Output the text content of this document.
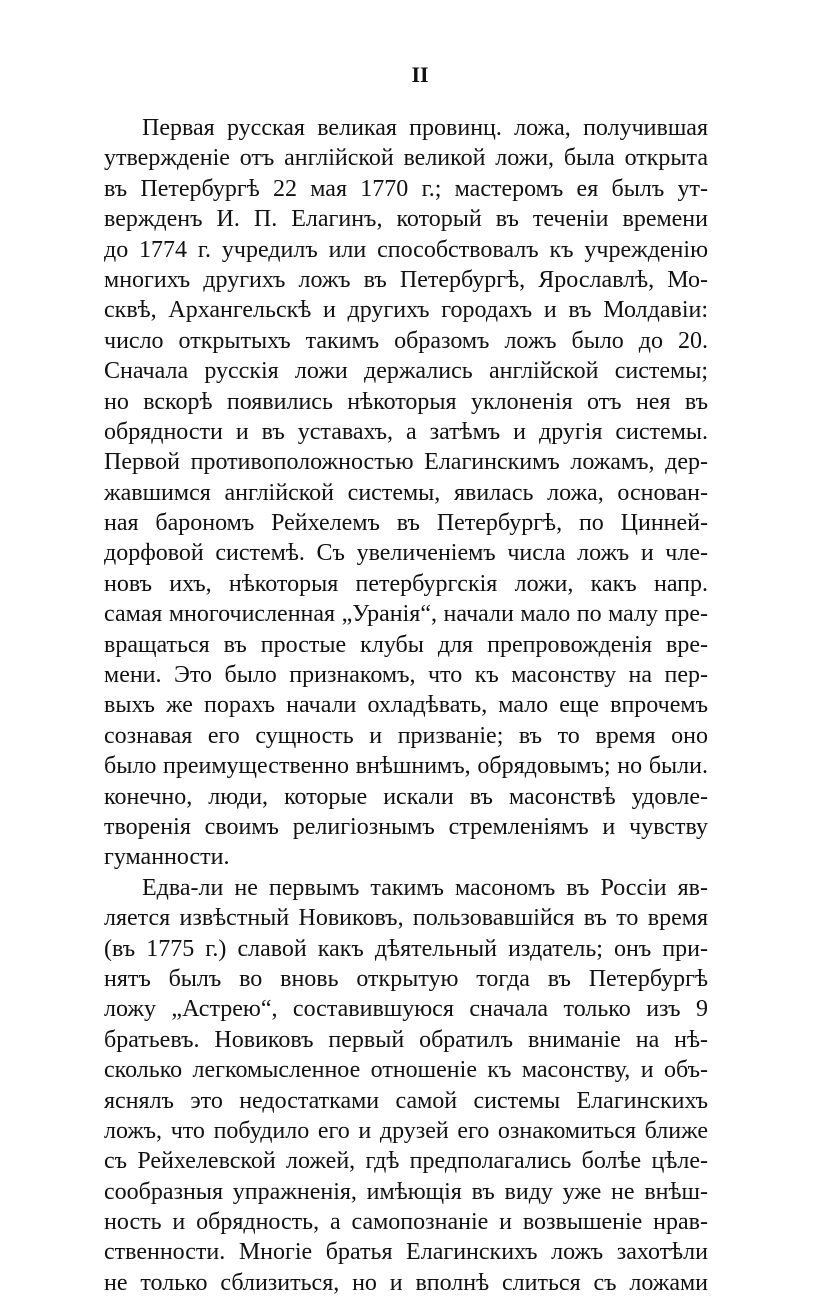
II
Первая русская великая провинц. ложа, получившая
утвержденіе отъ англійской великой ложи, была открыта
въ Петербургѣ 22 мая 1770 г.; мастеромъ ея былъ ут-
вержденъ И. П. Елагинъ, который въ теченіи времени
до 1774 г. учредилъ или способствовалъ къ учрежденію
многихъ другихъ ложъ въ Петербургѣ, Ярославлѣ, Мо-
сквѣ, Архангельскѣ и другихъ городахъ и въ Молдавіи:
число открытыхъ такимъ образомъ ложъ было до 20.
Сначала русскія ложи держались англійской системы;
но вскорѣ появились нѣкоторыя уклоненія отъ нея въ
обрядности и въ уставахъ, а затѣмъ и другія системы.
Первой противоположностью Елагинскимъ ложамъ, дер-
жавшимся англійской системы, явилась ложа, основан-
ная барономъ Рейхелемъ въ Петербургѣ, по Цинней-
дорфовой системѣ. Съ увеличеніемъ числа ложъ и чле-
новъ ихъ, нѣкоторыя петербургскія ложи, какъ напр.
самая многочисленная „Уранія“, начали мало по малу пре-
вращаться въ простые клубы для препровожденія вре-
мени. Это было признакомъ, что къ масонству на пер-
выхъ же порахъ начали охладѣвать, мало еще впрочемъ
сознавая его сущность и призваніе; въ то время оно
было преимущественно внѣшнимъ, обрядовымъ; но были.
конечно, люди, которые искали въ масонствѣ удовле-
творенія своимъ религіознымъ стремленіямъ и чувству
гуманности.
Едва-ли не первымъ такимъ масономъ въ Россіи яв-
ляется извѣстный Новиковъ, пользовавшійся въ то время
(въ 1775 г.) славой какъ дѣятельный издатель; онъ при-
нятъ былъ во вновь открытую тогда въ Петербургѣ
ложу „Астрею“, составившуюся сначала только изъ 9
братьевъ. Новиковъ первый обратилъ вниманіе на нѣ-
сколько легкомысленное отношеніе къ масонству, и объ-
яснялъ это недостатками самой системы Елагинскихъ
ложъ, что побудило его и друзей его ознакомиться ближе
съ Рейхелевской ложей, гдѣ предполагались болѣе цѣле-
сообразныя упражненія, имѣющія въ виду уже не внѣш-
ность и обрядность, а самопознаніе и возвышеніе нрав-
ственности. Многіе братья Елагинскихъ ложъ захотѣли
не только сблизиться, но и вполнѣ слиться съ ложами
